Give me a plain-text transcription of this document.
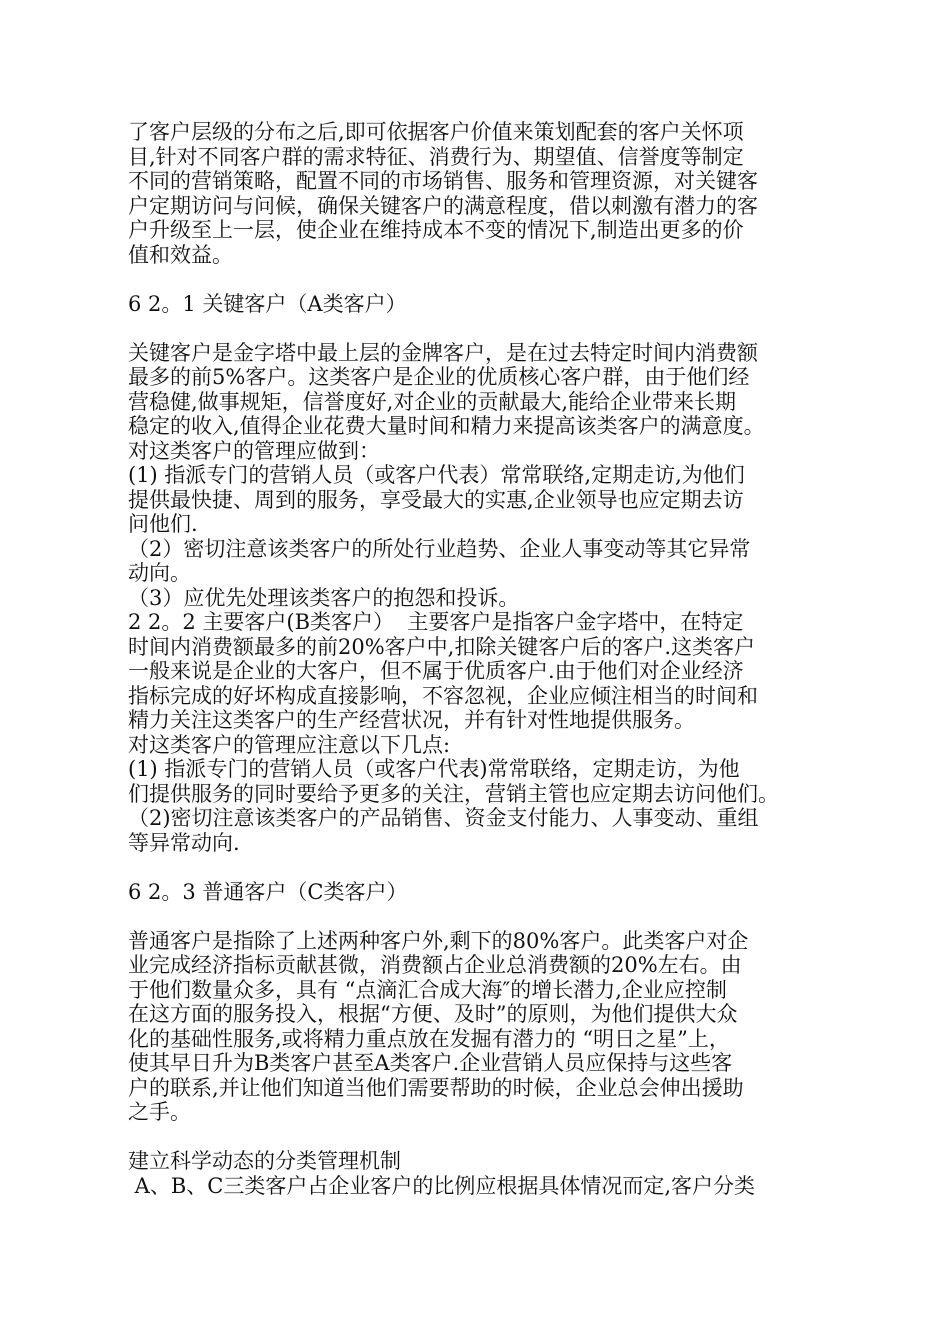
了客户层级的分布之后,即可依据客户价值来策划配套的客户关怀项
目,针对不同客户群的需求特征、消费行为、期望值、信誉度等制定
不同的营销策略，配置不同的市场销售、服务和管理资源，对关键客
户定期访问与问候，确保关键客户的满意程度，借以刺激有潜力的客
户升级至上一层，使企业在维持成本不变的情况下,制造出更多的价
值和效益。
6 2。1 关键客户（A类客户）
关键客户是金字塔中最上层的金牌客户，是在过去特定时间内消费额
最多的前5%客户。这类客户是企业的优质核心客户群，由于他们经
营稳健,做事规矩，信誉度好,对企业的贡献最大,能给企业带来长期
稳定的收入,值得企业花费大量时间和精力来提高该类客户的满意度。
对这类客户的管理应做到：
(1) 指派专门的营销人员（或客户代表）常常联络,定期走访,为他们
提供最快捷、周到的服务，享受最大的实惠,企业领导也应定期去访
问他们.
（2）密切注意该类客户的所处行业趋势、企业人事变动等其它异常
动向。
（3）应优先处理该类客户的抱怨和投诉。
2 2。2 主要客户(B类客户）  主要客户是指客户金字塔中，在特定
时间内消费额最多的前20%客户中,扣除关键客户后的客户.这类客户
一般来说是企业的大客户，但不属于优质客户.由于他们对企业经济
指标完成的好坏构成直接影响，不容忽视，企业应倾注相当的时间和
精力关注这类客户的生产经营状况，并有针对性地提供服务。
对这类客户的管理应注意以下几点:
(1) 指派专门的营销人员（或客户代表)常常联络，定期走访，为他
们提供服务的同时要给予更多的关注，营销主管也应定期去访问他们。
（2)密切注意该类客户的产品销售、资金支付能力、人事变动、重组
等异常动向.
6 2。3 普通客户（C类客户）
普通客户是指除了上述两种客户外,剩下的80%客户。此类客户对企
业完成经济指标贡献甚微，消费额占企业总消费额的20%左右。由
于他们数量众多，具有 “点滴汇合成大海″的增长潜力,企业应控制
在这方面的服务投入，根据“方便、及时”的原则，为他们提供大众
化的基础性服务,或将精力重点放在发掘有潜力的 “明日之星”上，
使其早日升为B类客户甚至A类客户.企业营销人员应保持与这些客
户的联系,并让他们知道当他们需要帮助的时候，企业总会伸出援助
之手。
建立科学动态的分类管理机制
A、B、C三类客户占企业客户的比例应根据具体情况而定,客户分类
